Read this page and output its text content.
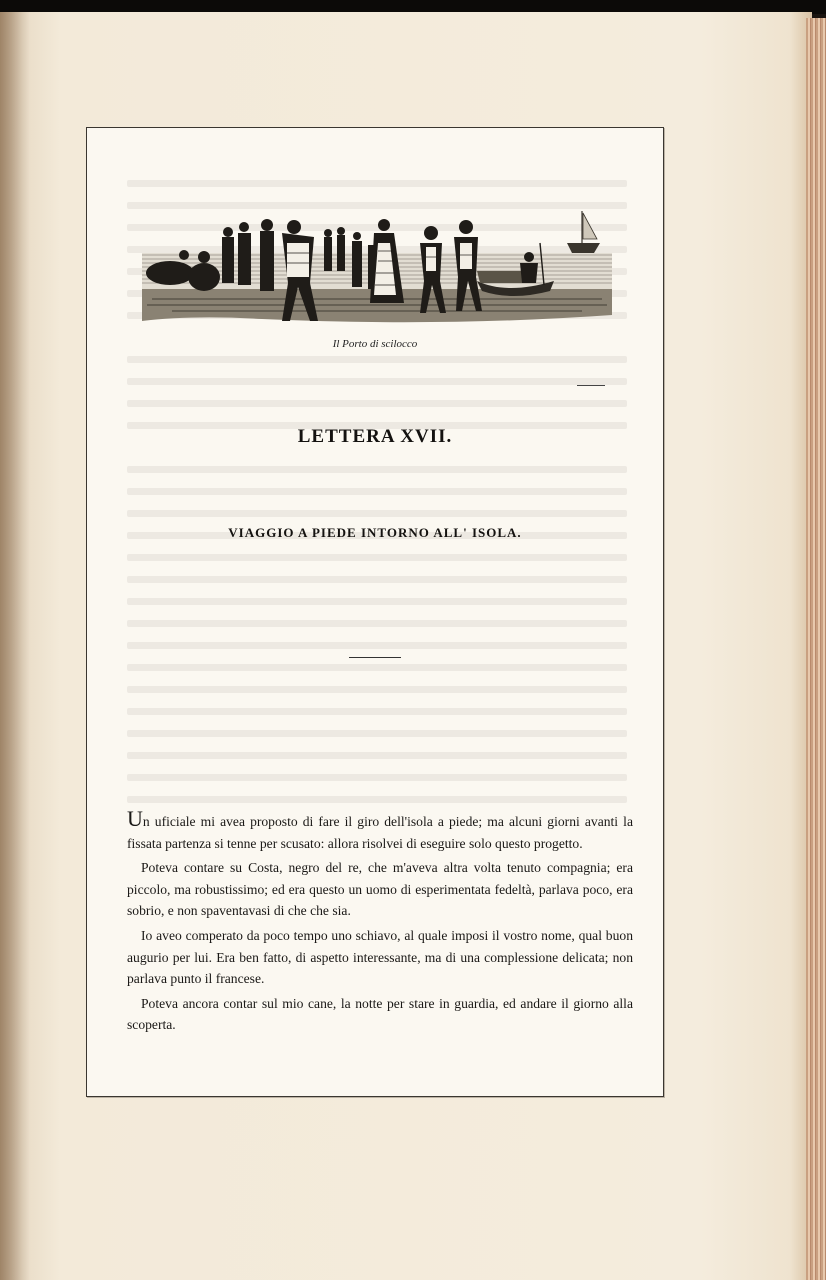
Il Porto di scilocco
LETTERA XVII.
VIAGGIO A PIEDE INTORNO ALL' ISOLA.

Un uficiale mi avea proposto di fare il giro dell'isola a piede; ma alcuni giorni avanti la fissata partenza si tenne per scusato: allora risolvei di eseguire solo questo progetto.

Poteva contare su Costa, negro del re, che m'aveva altra volta tenuto compagnia; era piccolo, ma robustissimo; ed era questo un uomo di esperimentata fedeltà, parlava poco, era sobrio, e non spaventavasi di che che sia.

Io aveo comperato da poco tempo uno schiavo, al quale imposi il vostro nome, qual buon augurio per lui. Era ben fatto, di aspetto interessante, ma di una complessione delicata; non parlava punto il francese.

Poteva ancora contar sul mio cane, la notte per stare in guardia, ed andare il giorno alla scoperta.
